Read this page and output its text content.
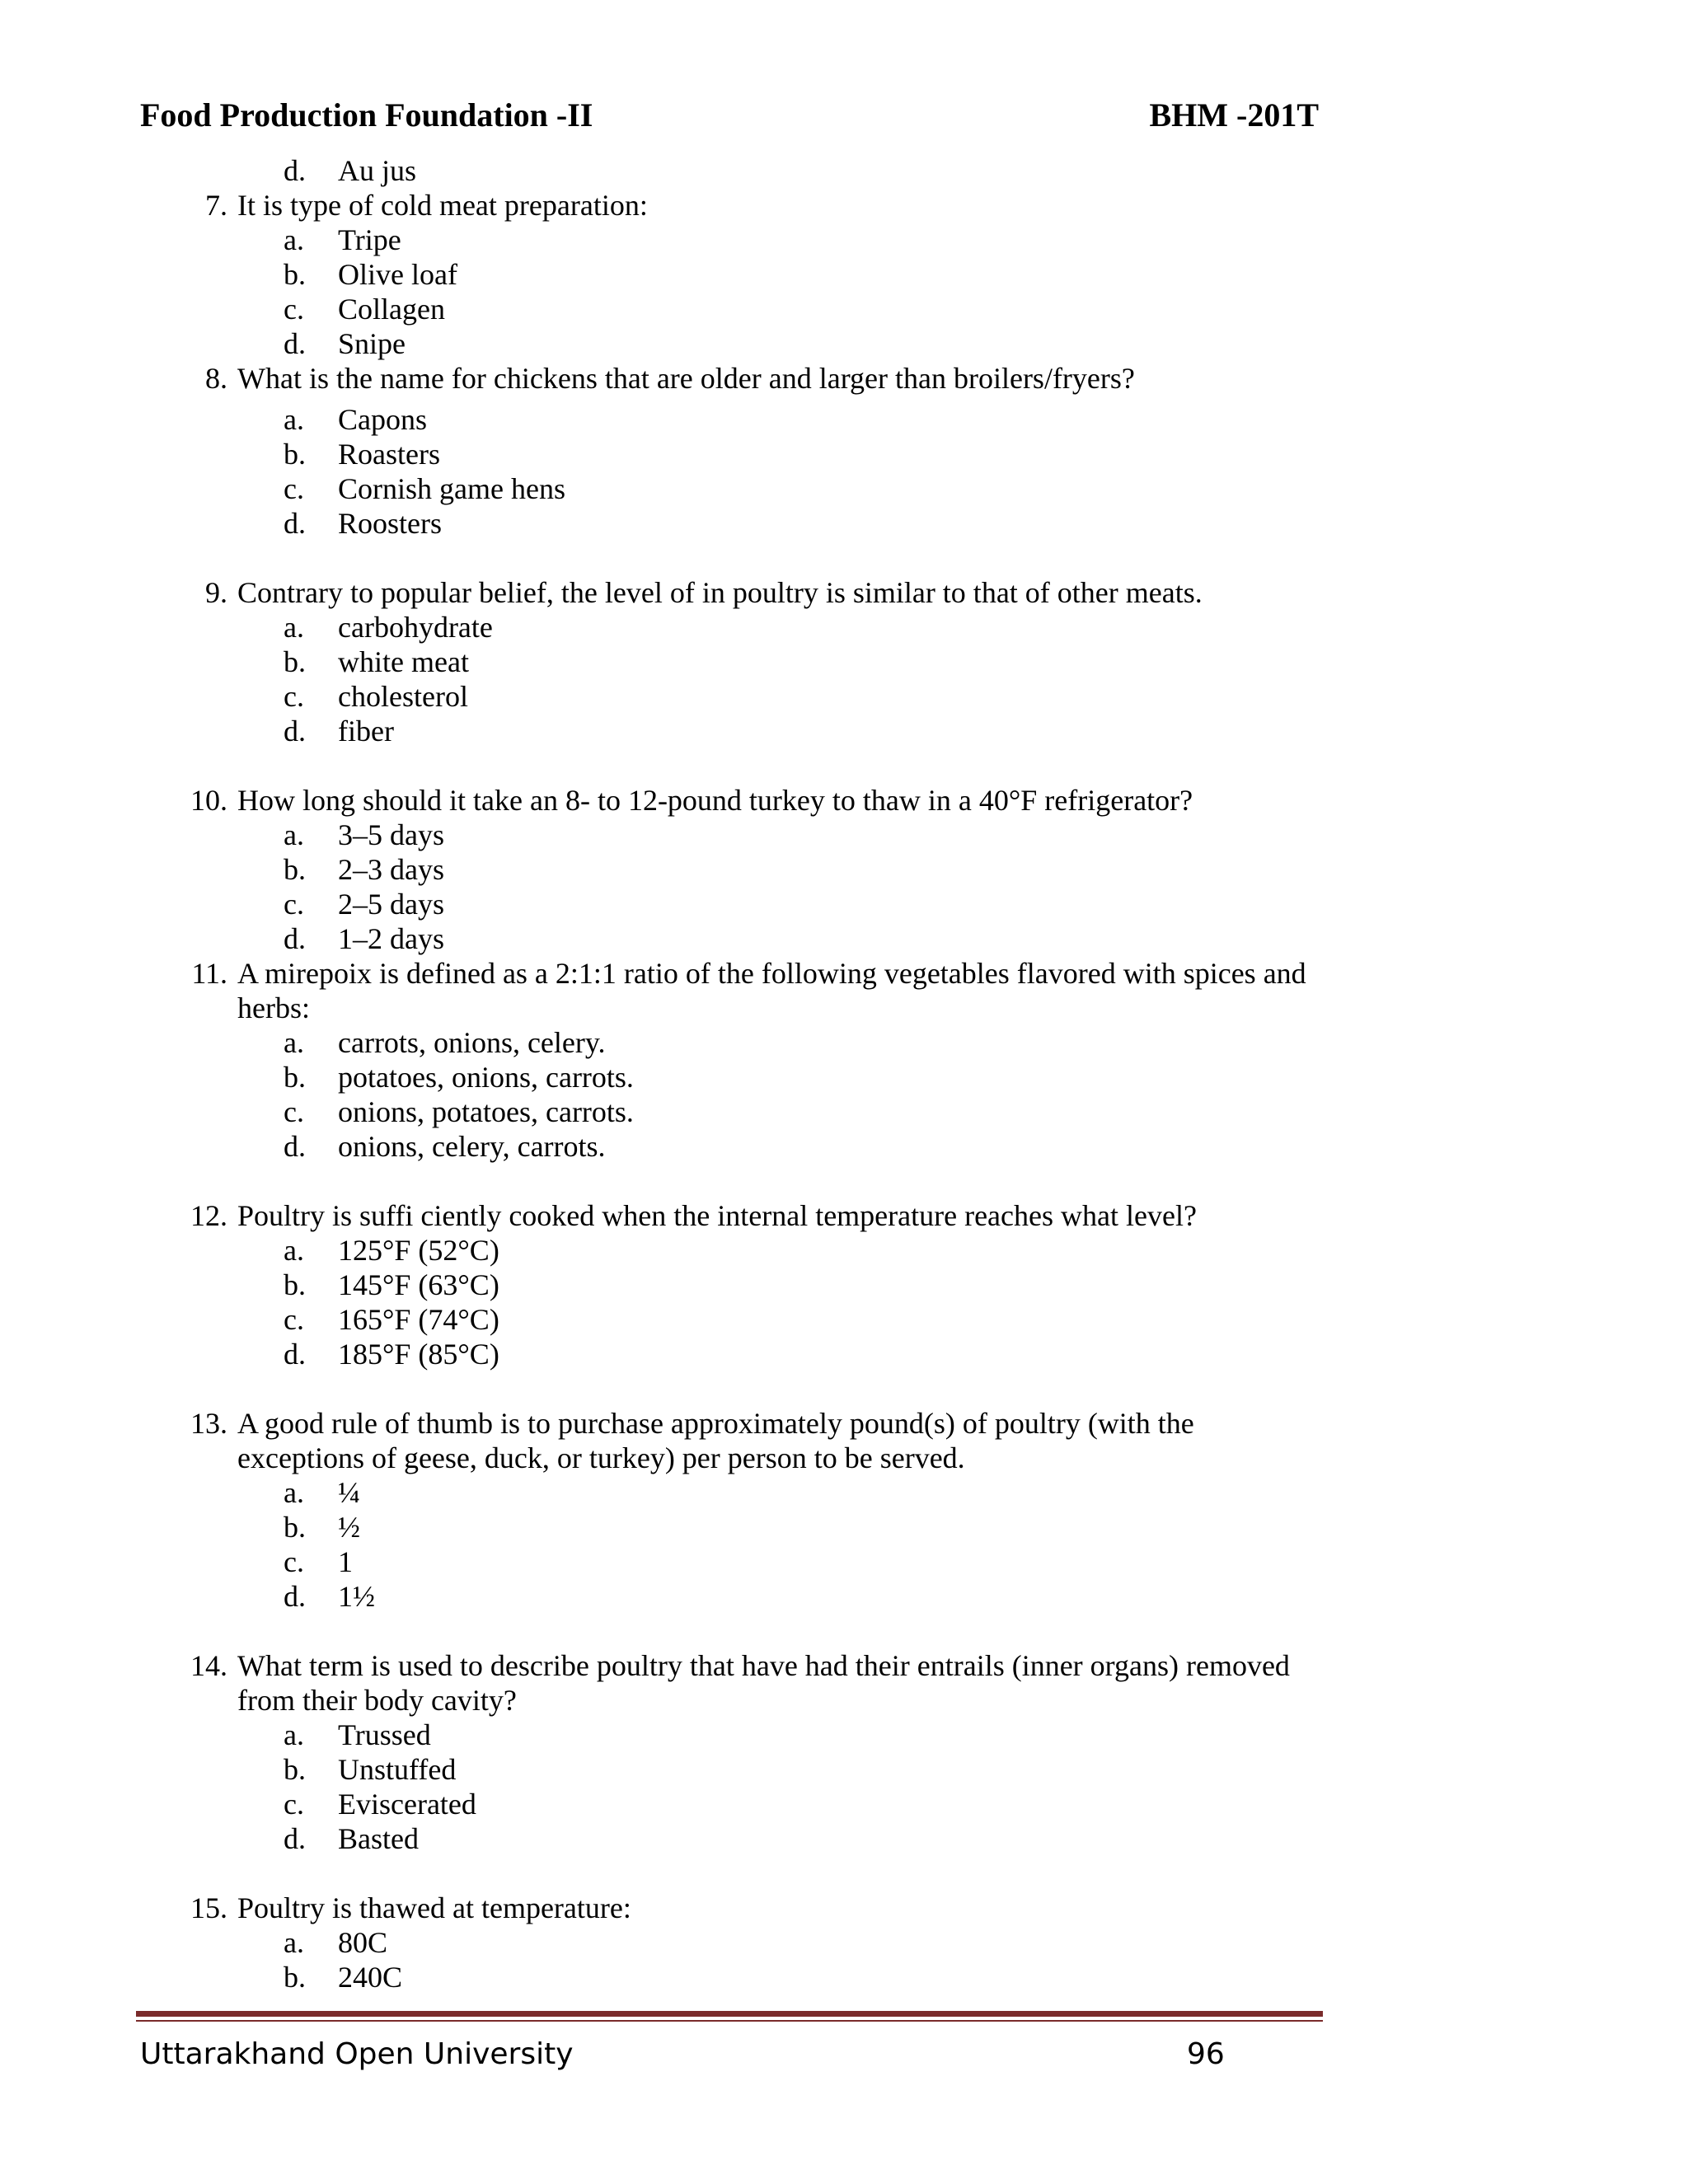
Food Production Foundation -II	BHM -201T
d.	Au jus
7. It is type of cold meat preparation:
a.	Tripe
b.	Olive loaf
c.	Collagen
d.	Snipe
8. What is the name for chickens that are older and larger than broilers/fryers?
a.	Capons
b.	Roasters
c.	Cornish game hens
d.	Roosters
9. Contrary to popular belief, the level of in poultry is similar to that of other meats.
a.	carbohydrate
b.	white meat
c.	cholesterol
d.	fiber
10. How long should it take an 8- to 12-pound turkey to thaw in a 40°F refrigerator?
a.	3–5 days
b.	2–3 days
c.	2–5 days
d.	1–2 days
11. A mirepoix is defined as a 2:1:1 ratio of the following vegetables flavored with spices and herbs:
a.	carrots, onions, celery.
b.	potatoes, onions, carrots.
c.	onions, potatoes, carrots.
d.	onions, celery, carrots.
12. Poultry is suffi ciently cooked when the internal temperature reaches what level?
a.	125°F (52°C)
b.	145°F (63°C)
c.	165°F (74°C)
d.	185°F (85°C)
13. A good rule of thumb is to purchase approximately pound(s) of poultry (with the exceptions of geese, duck, or turkey) per person to be served.
a.	¼
b.	½
c.	1
d.	1½
14. What term is used to describe poultry that have had their entrails (inner organs) removed from their body cavity?
a.	Trussed
b.	Unstuffed
c.	Eviscerated
d.	Basted
15. Poultry is thawed at temperature:
a.	80C
b.	240C
Uttarakhand Open University	96
